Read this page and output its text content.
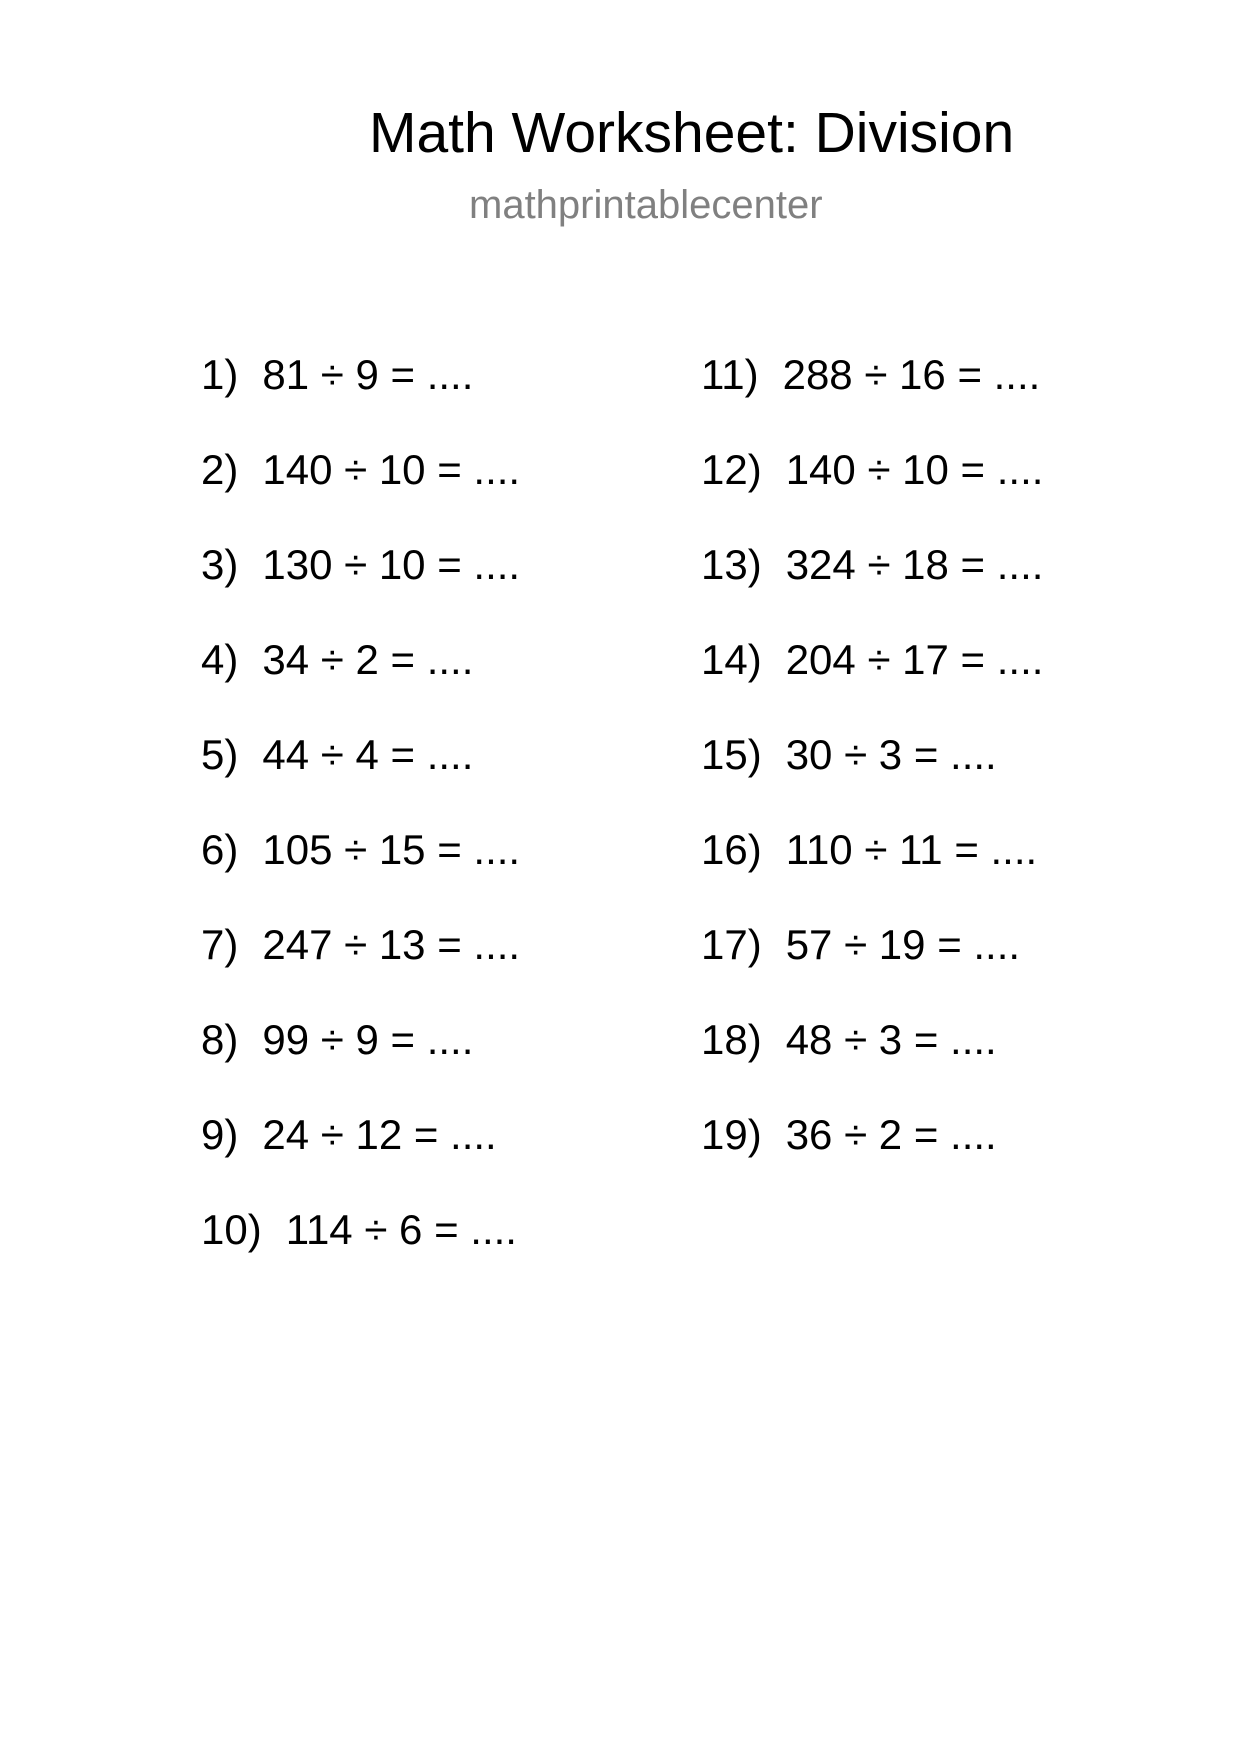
Math Worksheet: Division
mathprintablecenter
1) 81 ÷ 9 = ....
2) 140 ÷ 10 = ....
3) 130 ÷ 10 = ....
4) 34 ÷ 2 = ....
5) 44 ÷ 4 = ....
6) 105 ÷ 15 = ....
7) 247 ÷ 13 = ....
8) 99 ÷ 9 = ....
9) 24 ÷ 12 = ....
10) 114 ÷ 6 = ....
11) 288 ÷ 16 = ....
12) 140 ÷ 10 = ....
13) 324 ÷ 18 = ....
14) 204 ÷ 17 = ....
15) 30 ÷ 3 = ....
16) 110 ÷ 11 = ....
17) 57 ÷ 19 = ....
18) 48 ÷ 3 = ....
19) 36 ÷ 2 = ....
